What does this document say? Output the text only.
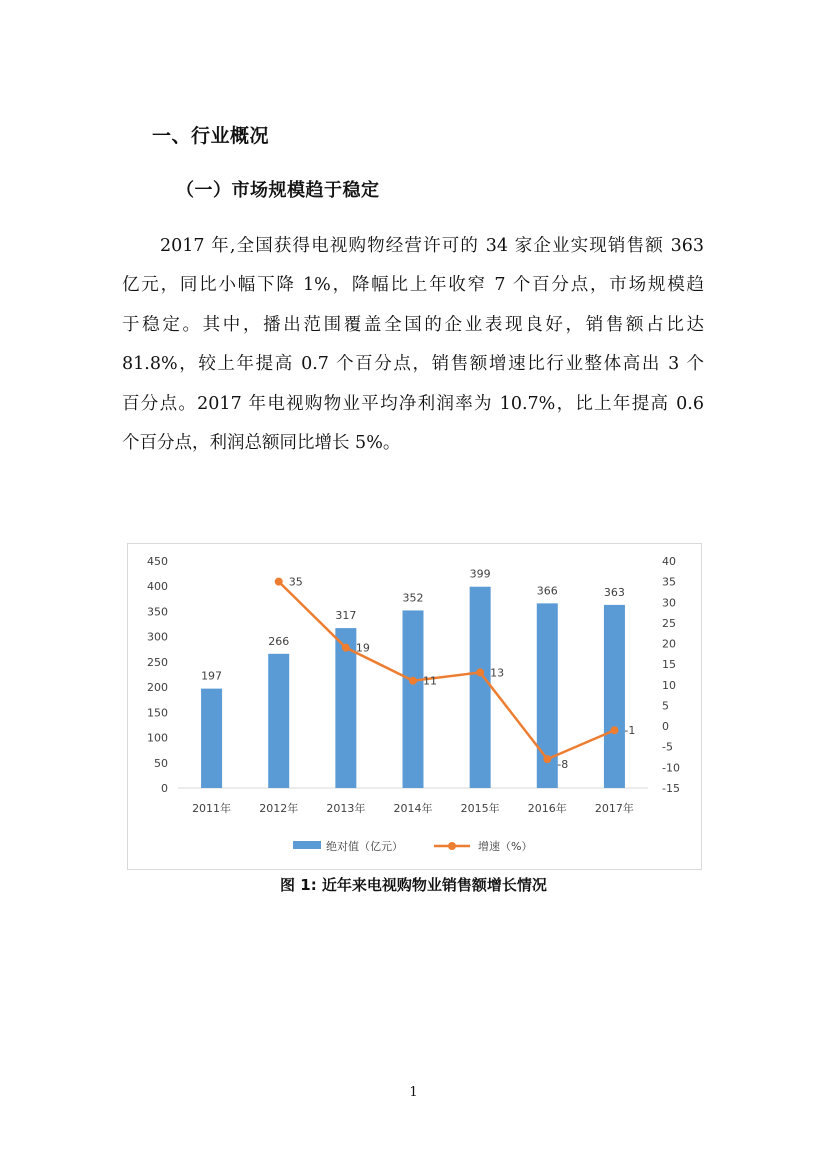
一、行业概况
（一）市场规模趋于稳定
2017 年,全国获得电视购物经营许可的 34 家企业实现销售额 363
亿元，同比小幅下降 1%，降幅比上年收窄 7 个百分点，市场规模趋
于稳定。其中，播出范围覆盖全国的企业表现良好，销售额占比达
81.8%，较上年提高 0.7 个百分点，销售额增速比行业整体高出 3 个
百分点。2017 年电视购物业平均净利润率为 10.7%，比上年提高 0.6
个百分点，利润总额同比增长 5%。
0
50
100
150
200
250
300
350
400
450
-15
-10
-5
0
5
10
15
20
25
30
35
40
2011年	2012年	2013年	2014年	2015年	2016年	2017年
197
266
317
352
399
366	363
35
19
11
13
-8
-1
绝对值（亿元）	增速（%）
图 1: 近年来电视购物业销售额增长情况
1
